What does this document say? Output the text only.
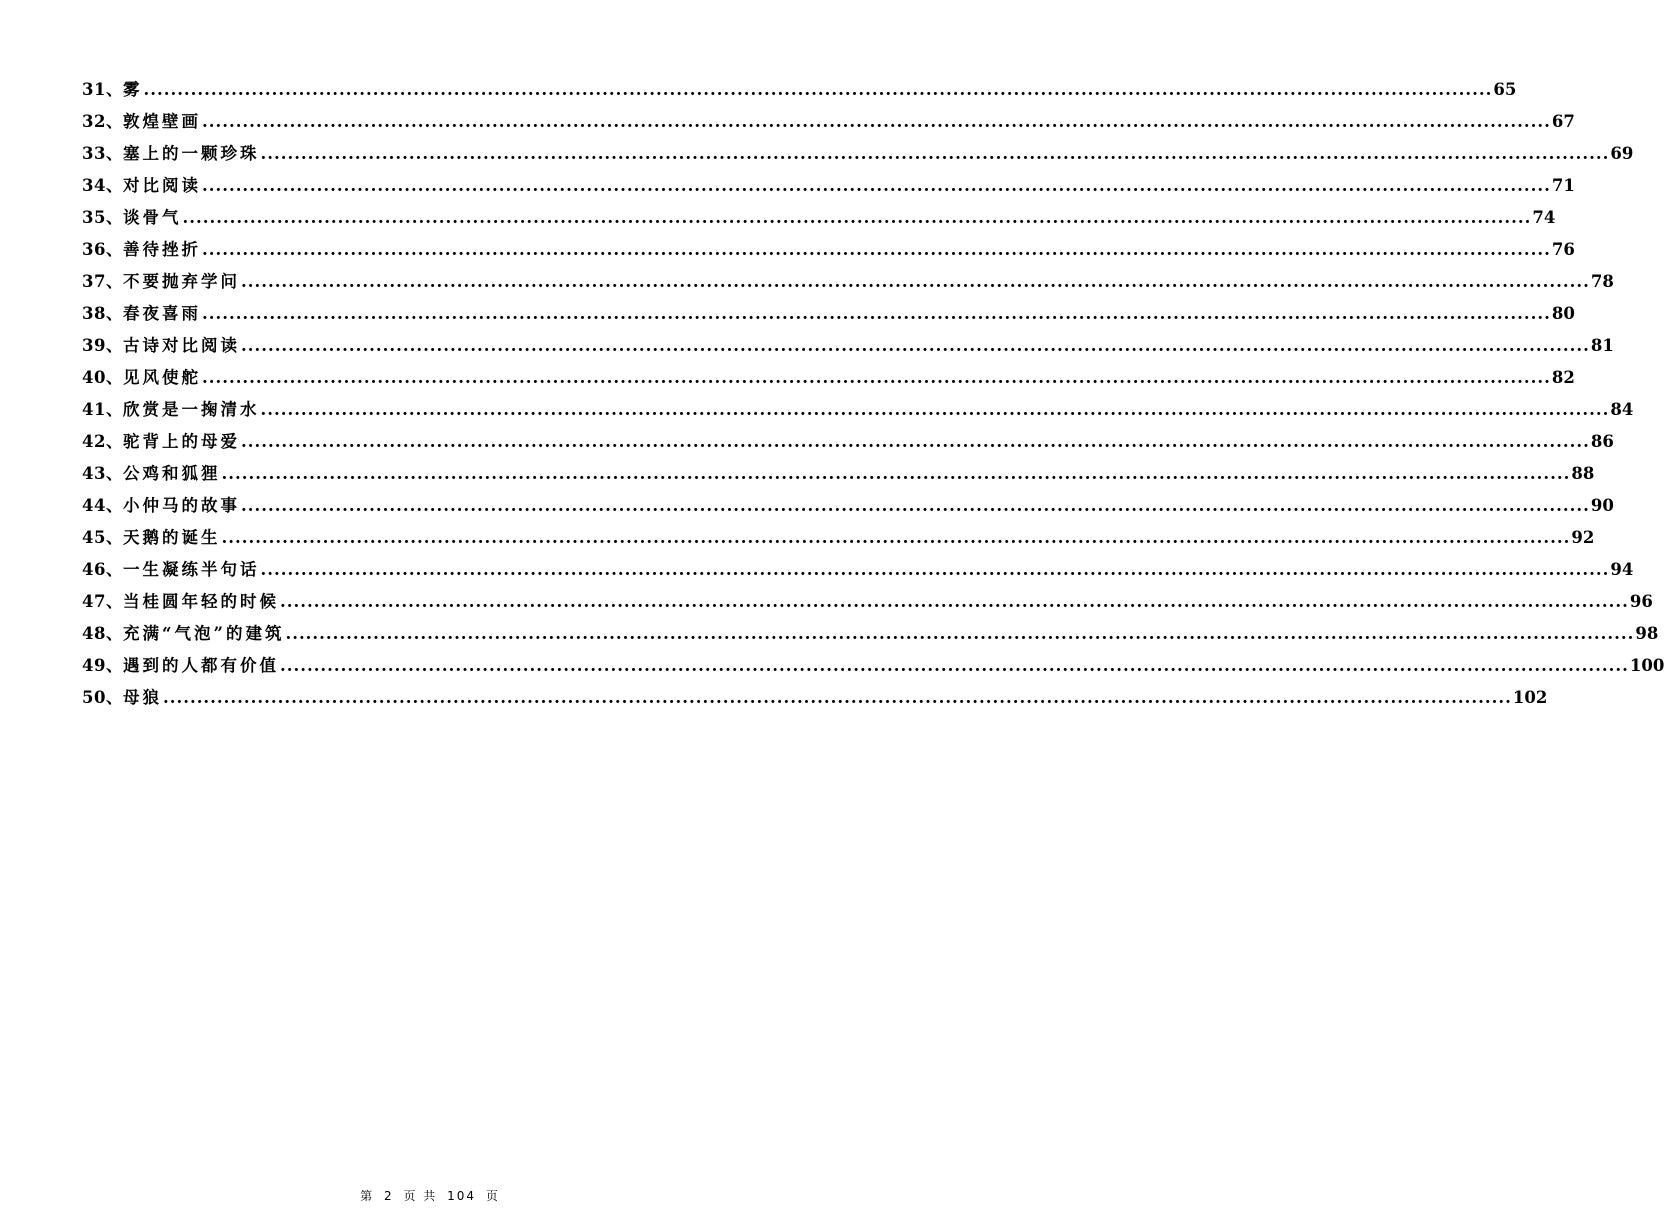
31、 雾 ........................................................................................................................................................................................................ 65
32、 敦煌壁画 ........................................................................................................................................................................................................ 67
33、 塞上的一颗珍珠 ........................................................................................................................................................................................................ 69
34、 对比阅读 ........................................................................................................................................................................................................ 71
35、 谈骨气 ........................................................................................................................................................................................................ 74
36、 善待挫折 ........................................................................................................................................................................................................ 76
37、 不要抛弃学问 ........................................................................................................................................................................................................ 78
38、 春夜喜雨 ........................................................................................................................................................................................................ 80
39、 古诗对比阅读 ........................................................................................................................................................................................................ 81
40、 见风使舵 ........................................................................................................................................................................................................ 82
41、 欣赏是一掬清水 ........................................................................................................................................................................................................ 84
42、 驼背上的母爱 ........................................................................................................................................................................................................ 86
43、 公鸡和狐狸 ........................................................................................................................................................................................................ 88
44、 小仲马的故事 ........................................................................................................................................................................................................ 90
45、 天鹅的诞生 ........................................................................................................................................................................................................ 92
46、 一生凝练半句话 ........................................................................................................................................................................................................ 94
47、 当桂圆年轻的时候 ........................................................................................................................................................................................................ 96
48、 充满“气泡”的建筑 ........................................................................................................................................................................................................ 98
49、 遇到的人都有价值 ........................................................................................................................................................................................................ 100
50、 母狼 ........................................................................................................................................................................................................ 102
第 2 页 共 104 页
